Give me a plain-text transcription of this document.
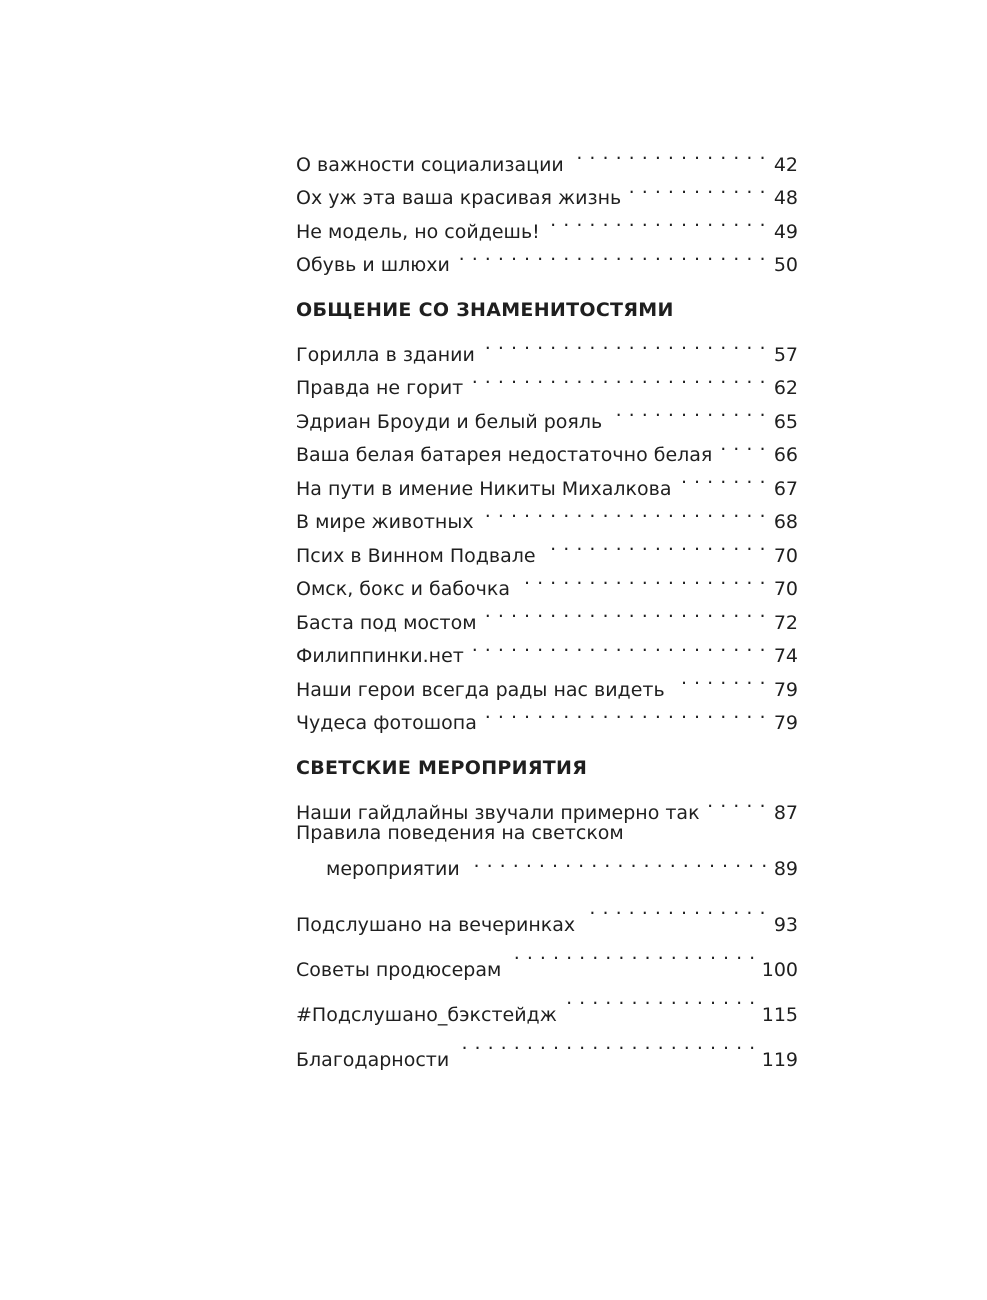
О важности социализации . . .	42
Ох уж эта ваша красивая жизнь . . .	48
Не модель, но сойдешь! . . .	49
Обувь и шлюхи . . .	50
ОБЩЕНИЕ СО ЗНАМЕНИТОСТЯМИ
Горилла в здании . . .	57
Правда не горит . . .	62
Эдриан Броуди и белый рояль . . .	65
Ваша белая батарея недостаточно белая . . .	66
На пути в имение Никиты Михалкова . . .	67
В мире животных . . .	68
Псих в Винном Подвале . . .	70
Омск, бокс и бабочка . . .	70
Баста под мостом . . .	72
Филиппинки.нет . . .	74
Наши герои всегда рады нас видеть . . .	79
Чудеса фотошопа . . .	79
СВЕТСКИЕ МЕРОПРИЯТИЯ
Наши гайдлайны звучали примерно так . . .	87
Правила поведения на светском
мероприятии . . .	89
Подслушано на вечеринках . . .	93
Советы продюсерам . . .	100
#Подслушано_бэкстейдж . . .	115
Благодарности . . .	119
